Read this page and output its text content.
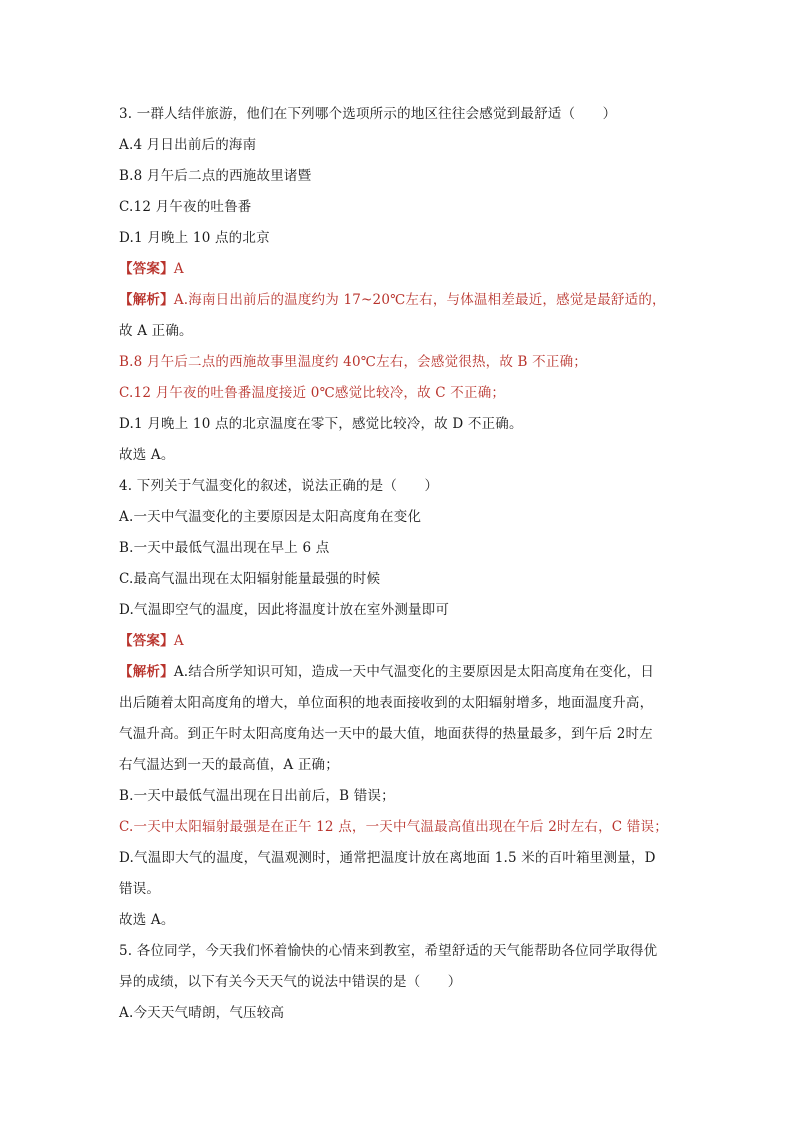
3. 一群人结伴旅游，他们在下列哪个选项所示的地区往往会感觉到最舒适（　　）
A.4 月日出前后的海南
B.8 月午后二点的西施故里诸暨
C.12 月午夜的吐鲁番
D.1 月晚上 10 点的北京
【答案】A
【解析】A.海南日出前后的温度约为 17~20℃左右，与体温相差最近，感觉是最舒适的，
故 A 正确。
B.8 月午后二点的西施故事里温度约 40℃左右，会感觉很热，故 B 不正确；
C.12 月午夜的吐鲁番温度接近 0℃感觉比较冷，故 C 不正确；
D.1 月晚上 10 点的北京温度在零下，感觉比较冷，故 D 不正确。
故选 A。
4. 下列关于气温变化的叙述，说法正确的是（　　）
A.一天中气温变化的主要原因是太阳高度角在变化
B.一天中最低气温出现在早上 6 点
C.最高气温出现在太阳辐射能量最强的时候
D.气温即空气的温度，因此将温度计放在室外测量即可
【答案】A
【解析】A.结合所学知识可知，造成一天中气温变化的主要原因是太阳高度角在变化，日
出后随着太阳高度角的增大，单位面积的地表面接收到的太阳辐射增多，地面温度升高，
气温升高。到正午时太阳高度角达一天中的最大值，地面获得的热量最多，到午后 2时左
右气温达到一天的最高值，A 正确；
B.一天中最低气温出现在日出前后，B 错误；
C.一天中太阳辐射最强是在正午 12 点，一天中气温最高值出现在午后 2时左右，C 错误；
D.气温即大气的温度，气温观测时，通常把温度计放在离地面 1.5 米的百叶箱里测量，D
错误。
故选 A。
5. 各位同学，今天我们怀着愉快的心情来到教室，希望舒适的天气能帮助各位同学取得优
异的成绩，以下有关今天天气的说法中错误的是（　　）
A.今天天气晴朗，气压较高
